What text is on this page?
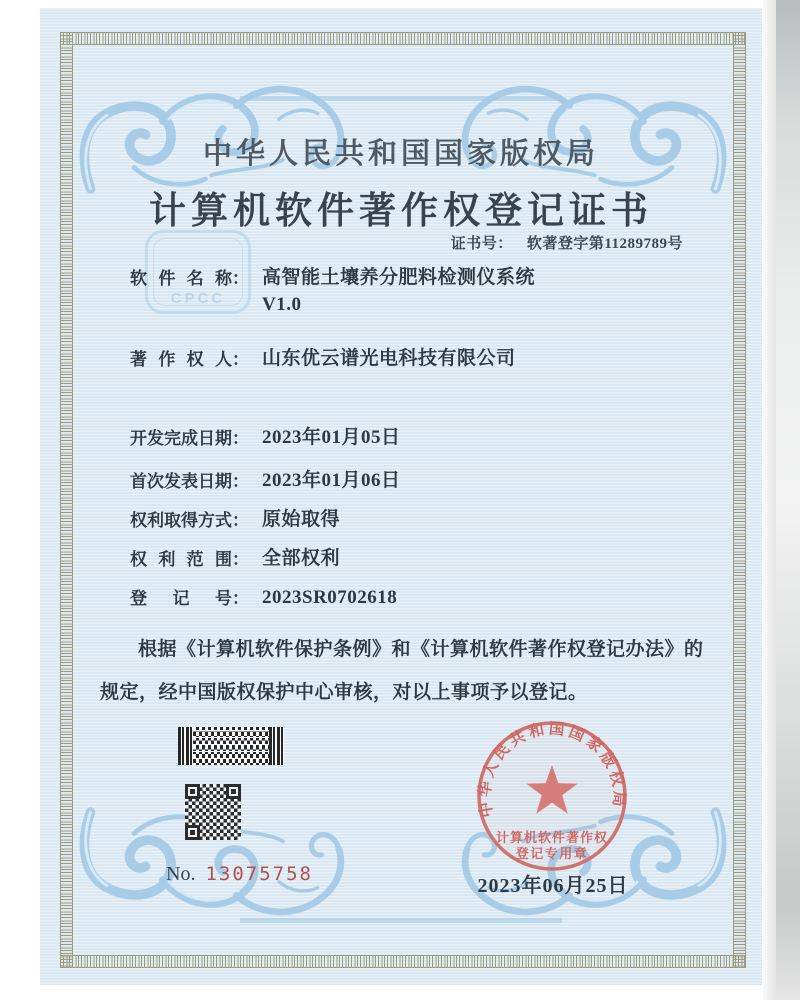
CPCC
中华人民共和国国家版权局
计算机软件著作权登记证书
证书号： 软著登字第11289789号
软件名称： 高智能土壤养分肥料检测仪系统
V1.0
著作权人： 山东优云谱光电科技有限公司
开发完成日期： 2023年01月05日
首次发表日期： 2023年01月06日
权利取得方式： 原始取得
权利范围： 全部权利
登记号： 2023SR0702618
根据《计算机软件保护条例》和《计算机软件著作权登记办法》的
规定，经中国版权保护中心审核，对以上事项予以登记。
No. 13075758
中华人民共和国国家版权局
计算机软件著作权
登记专用章
2023年06月25日
